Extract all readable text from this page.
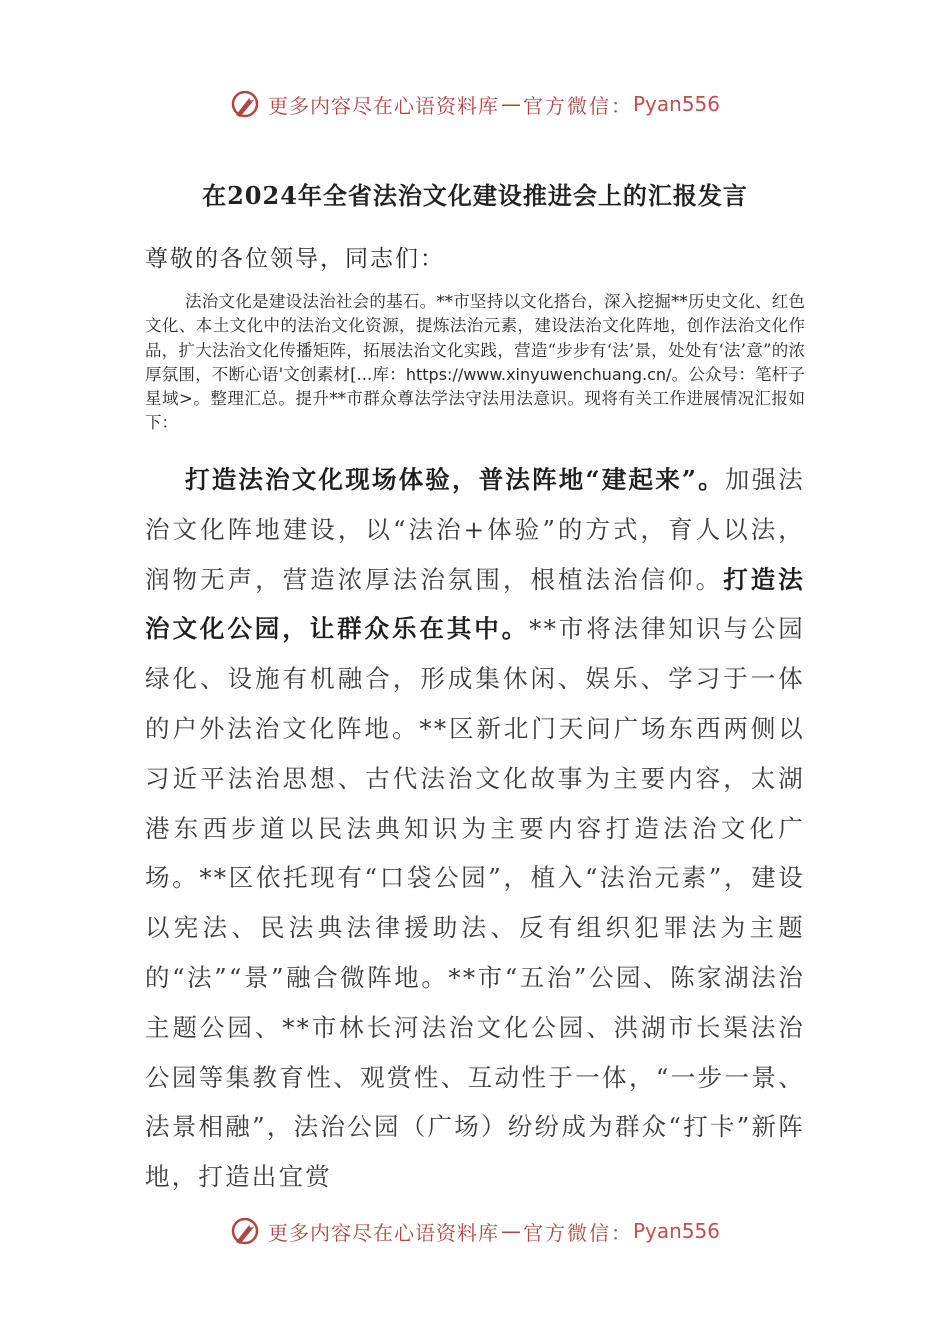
更多内容尽在心语资料库 — 官方微信： Pyan556
在2024年全省法治文化建设推进会上的汇报发言
尊敬的各位领导，同志们：
法治文化是建设法治社会的基石。**市坚持以文化搭台，深入挖掘**历史文化、红色文化、本土文化中的法治文化资源，提炼法治元素，建设法治文化阵地，创作法治文化作品，扩大法治文化传播矩阵，拓展法治文化实践，营造“步步有‘法’景，处处有‘法’意”的浓厚氛围，不断心语'文创素材[...库：https://www.xinyuwenchuang.cn/。公众号：笔杆子星域>。整理汇总。提升**市群众尊法学法守法用法意识。现将有关工作进展情况汇报如下：
打造法治文化现场体验，普法阵地“建起来”。加强法治文化阵地建设，以“法治+体验”的方式，育人以法，润物无声，营造浓厚法治氛围，根植法治信仰。打造法治文化公园，让群众乐在其中。**市将法律知识与公园绿化、设施有机融合，形成集休闲、娱乐、学习于一体的户外法治文化阵地。**区新北门天问广场东西两侧以习近平法治思想、古代法治文化故事为主要内容，太湖港东西步道以民法典知识为主要内容打造法治文化广场。**区依托现有“口袋公园”，植入“法治元素”，建设以宪法、民法典法律援助法、反有组织犯罪法为主题的“法”“景”融合微阵地。**市“五治”公园、陈家湖法治主题公园、**市林长河法治文化公园、洪湖市长渠法治公园等集教育性、观赏性、互动性于一体，“一步一景、法景相融”，法治公园（广场）纷纷成为群众“打卡”新阵地，打造出宜赏
更多内容尽在心语资料库 — 官方微信： Pyan556
